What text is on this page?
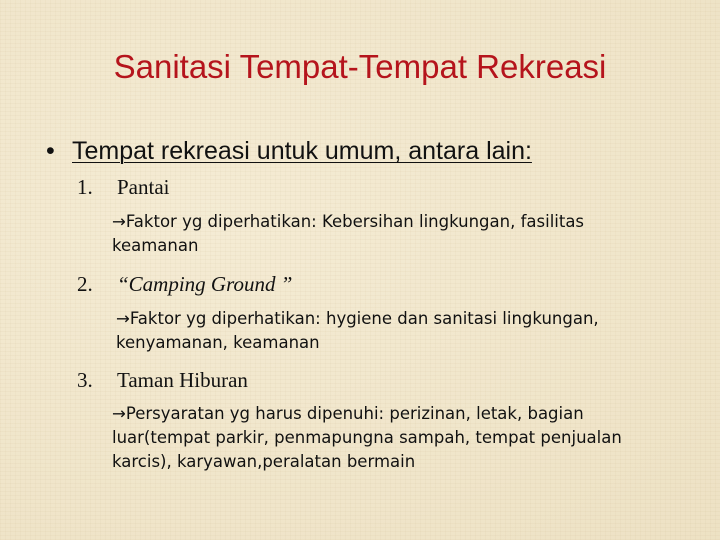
Sanitasi Tempat-Tempat Rekreasi
• Tempat rekreasi untuk umum, antara lain:
1. Pantai
→Faktor yg diperhatikan: Kebersihan lingkungan, fasilitas keamanan
2. “Camping Ground ”
→Faktor yg diperhatikan: hygiene dan sanitasi lingkungan, kenyamanan, keamanan
3. Taman Hiburan
→Persyaratan yg harus dipenuhi: perizinan, letak, bagian luar(tempat parkir, penmapungna sampah, tempat penjualan karcis), karyawan,peralatan bermain
